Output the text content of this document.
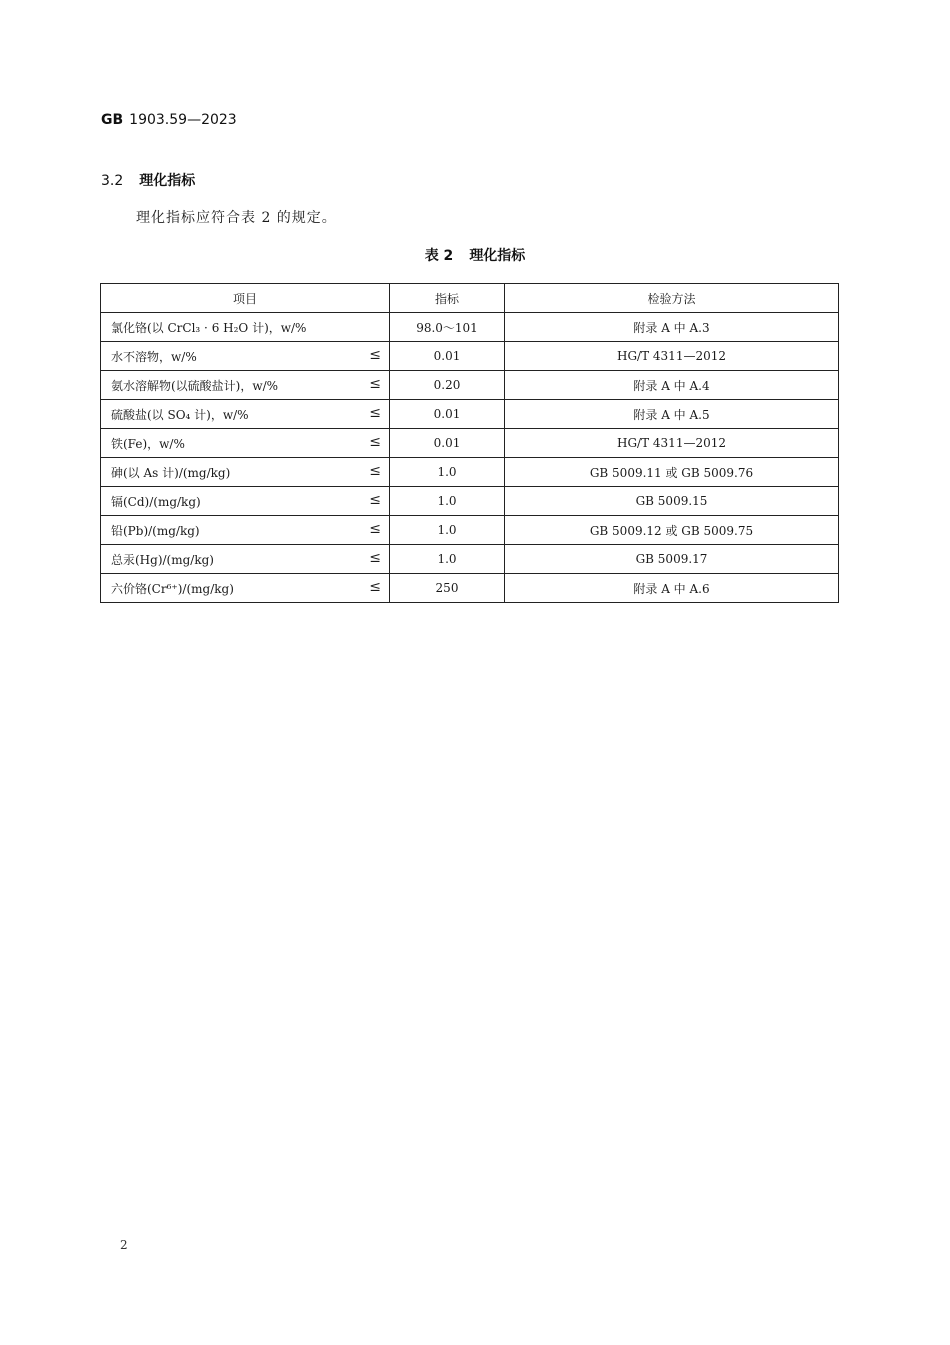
GB 1903.59—2023
3.2 理化指标
理化指标应符合表 2 的规定。
表 2 理化指标
项目	指标	检验方法
氯化铬(以 CrCl₃ · 6 H₂O 计)，w/%	98.0～101	附录 A 中 A.3
水不溶物，w/% ≤	0.01	HG/T 4311—2012
氨水溶解物(以硫酸盐计)，w/% ≤	0.20	附录 A 中 A.4
硫酸盐(以 SO₄ 计)，w/% ≤	0.01	附录 A 中 A.5
铁(Fe)，w/% ≤	0.01	HG/T 4311—2012
砷(以 As 计)/(mg/kg) ≤	1.0	GB 5009.11 或 GB 5009.76
镉(Cd)/(mg/kg) ≤	1.0	GB 5009.15
铅(Pb)/(mg/kg) ≤	1.0	GB 5009.12 或 GB 5009.75
总汞(Hg)/(mg/kg) ≤	1.0	GB 5009.17
六价铬(Cr⁶⁺)/(mg/kg) ≤	250	附录 A 中 A.6
2
